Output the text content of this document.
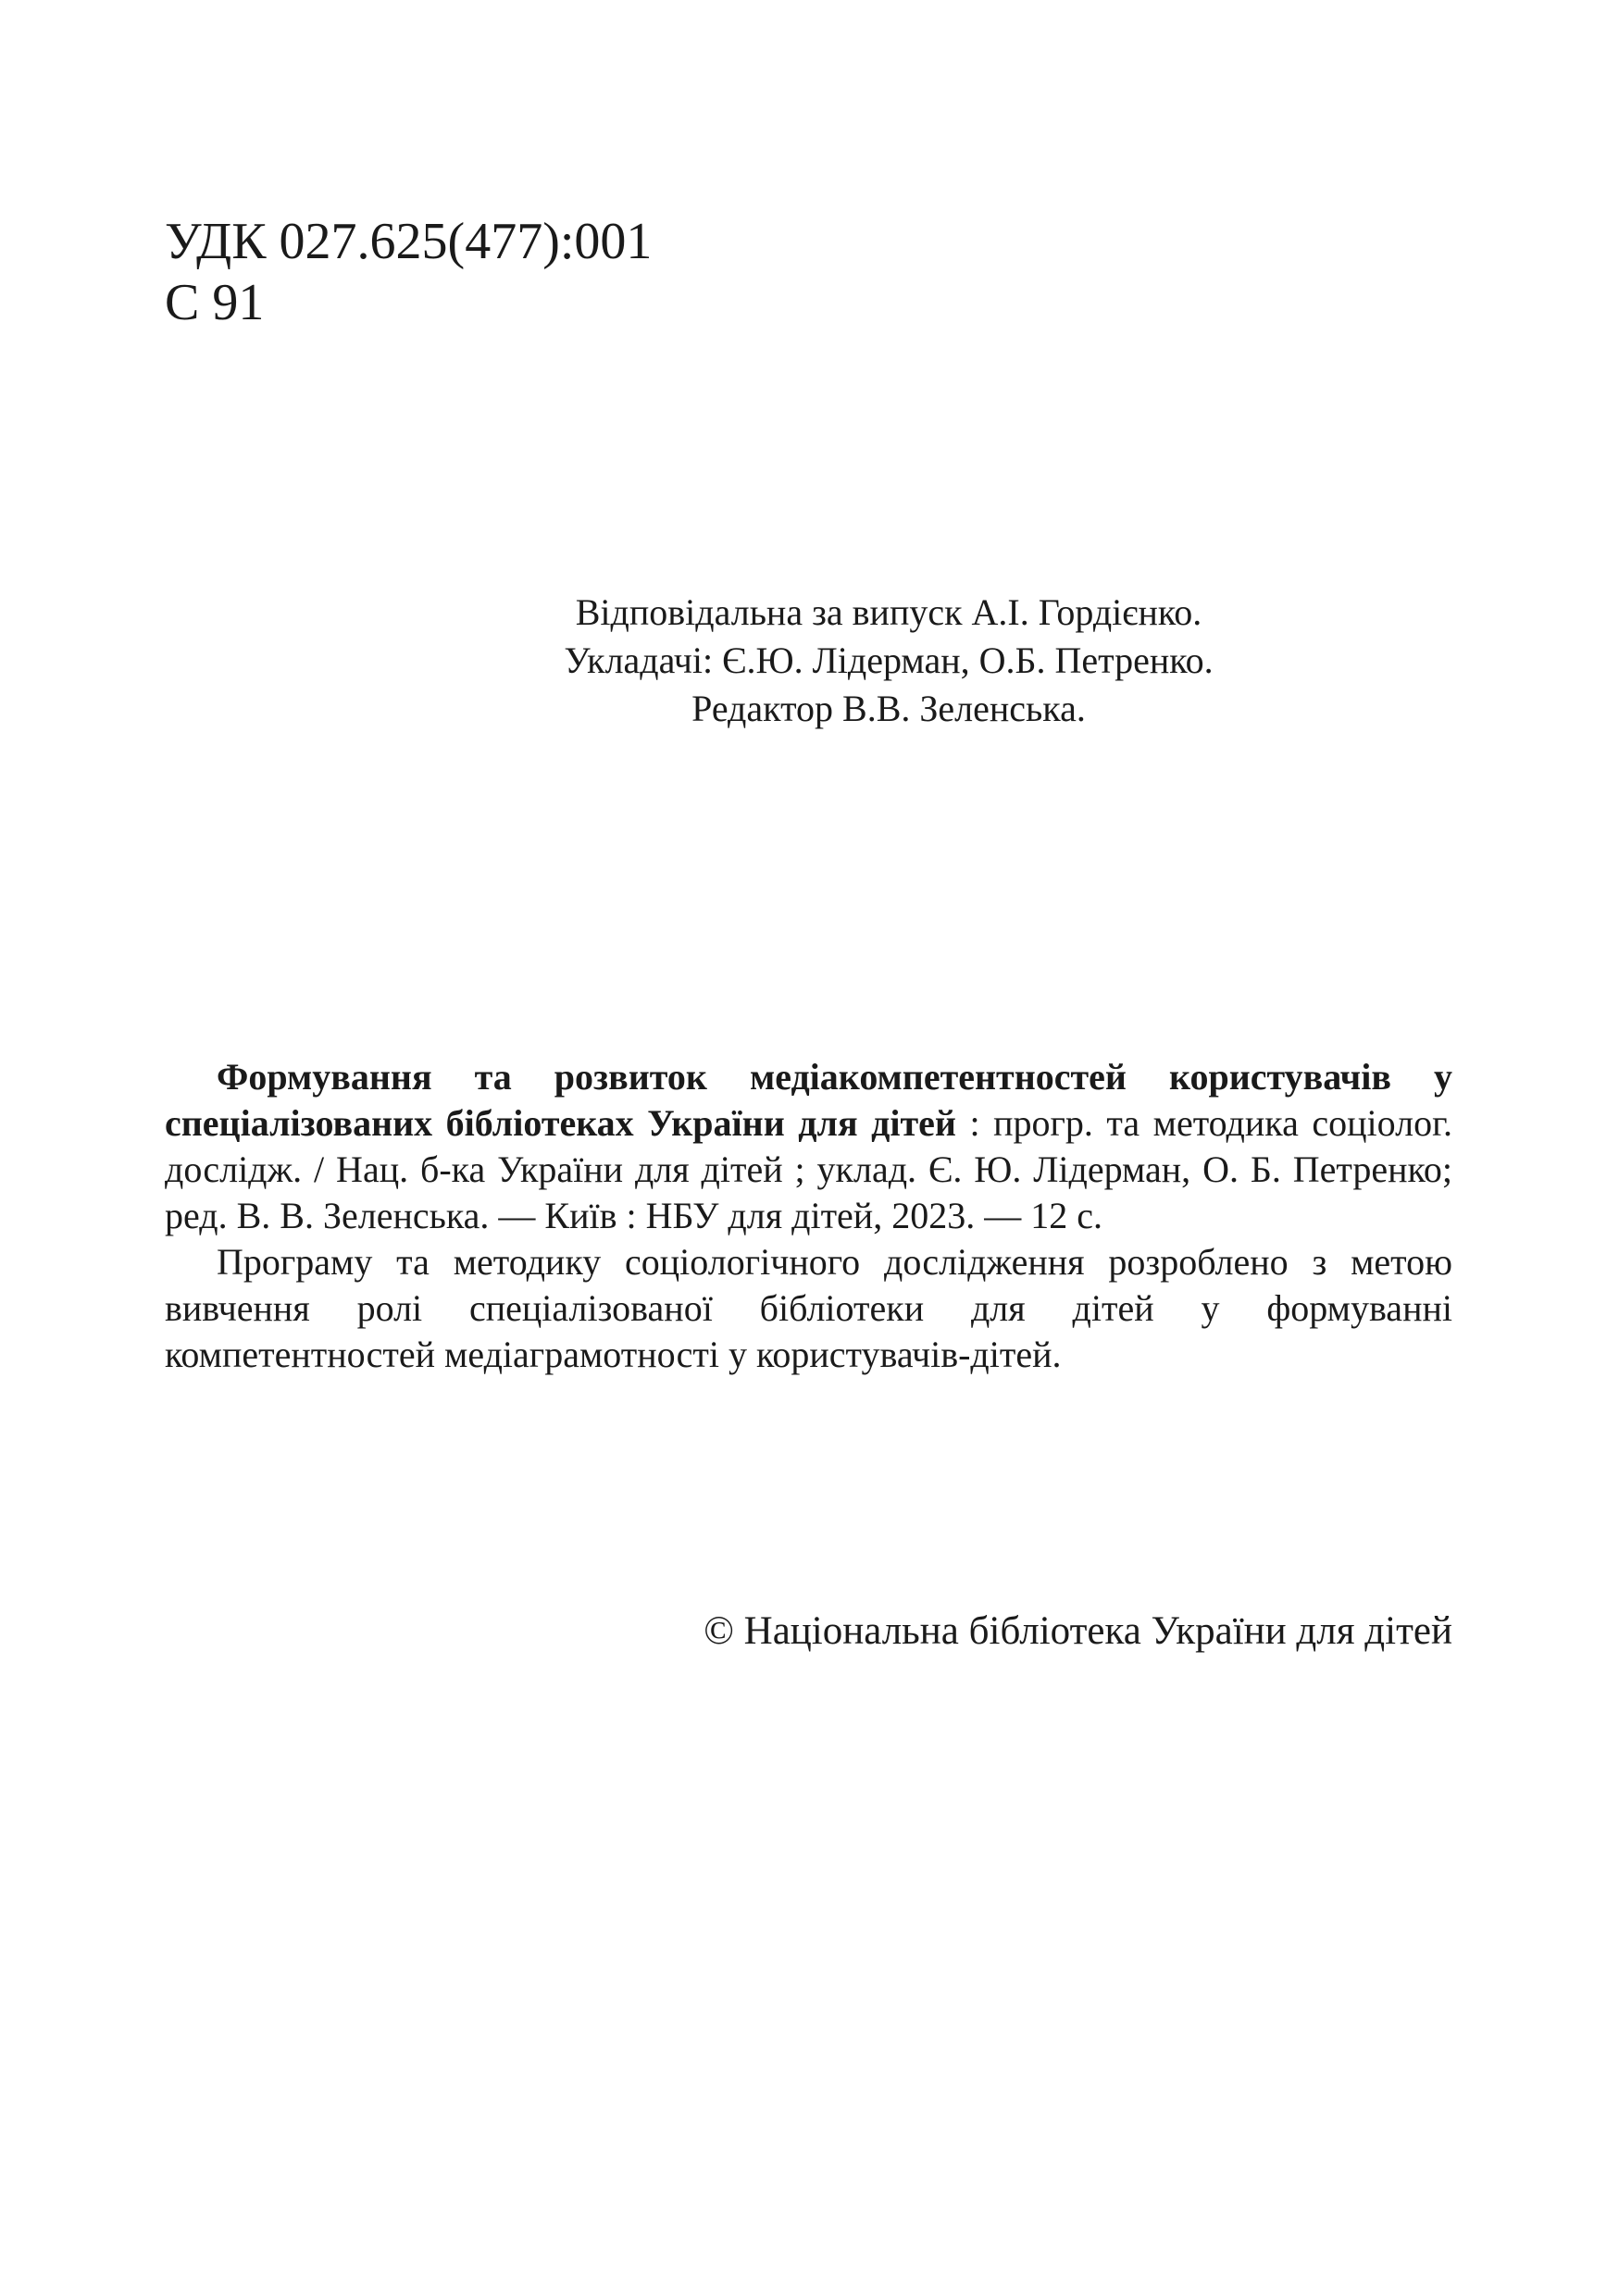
УДК 027.625(477):001
С 91
Відповідальна за випуск А.І. Гордієнко.
Укладачі: Є.Ю. Лідерман, О.Б. Петренко.
Редактор В.В. Зеленська.

Формування та розвиток медіакомпетентностей користувачів у спеціалізованих бібліотеках України для дітей : прогр. та методика соціолог. дослідж. / Нац. б-ка України для дітей ; уклад. Є. Ю. Лідерман, О. Б. Петренко; ред. В. В. Зеленська. — Київ : НБУ для дітей, 2023. — 12 с.

Програму та методику соціологічного дослідження розроблено з метою вивчення ролі спеціалізованої бібліотеки для дітей у формуванні компетентностей медіаграмотності у користувачів-дітей.

© Національна бібліотека України для дітей
